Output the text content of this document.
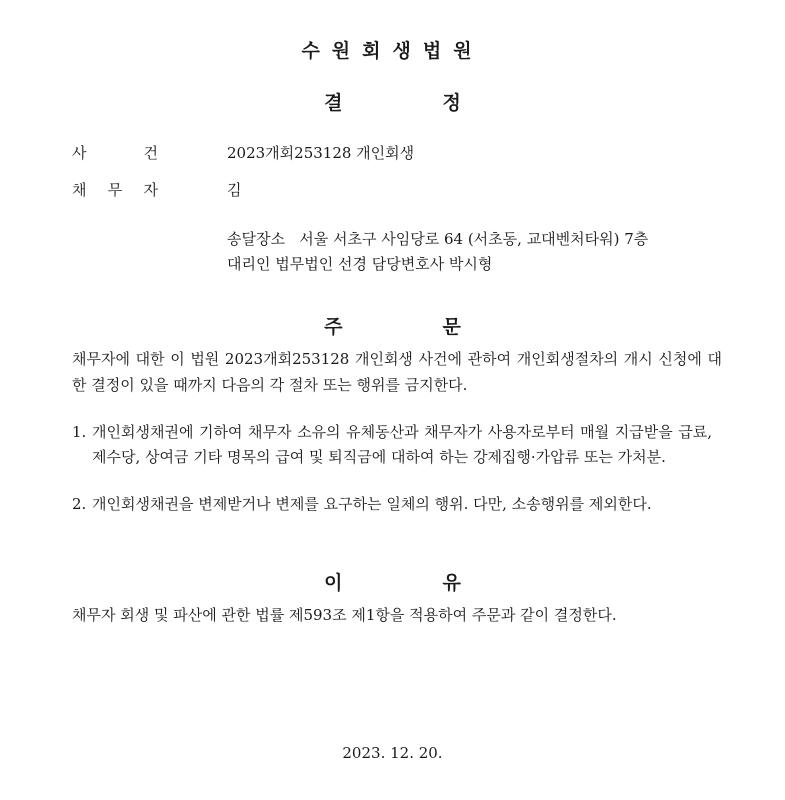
수원회생법원
결	정
사	건	2023개회253128 개인회생
채 무 자	김
송달장소   서울 서초구 사임당로 64 (서초동, 교대벤처타워) 7층
대리인 법무법인 선경 담당변호사 박시형
주	문
채무자에 대한 이 법원 2023개회253128 개인회생 사건에 관하여 개인회생절차의 개시 신청에 대한 결정이 있을 때까지 다음의 각 절차 또는 행위를 금지한다.
1. 개인회생채권에 기하여 채무자 소유의 유체동산과 채무자가 사용자로부터 매월 지급받을 급료, 제수당, 상여금 기타 명목의 급여 및 퇴직금에 대하여 하는 강제집행·가압류 또는 가처분.
2. 개인회생채권을 변제받거나 변제를 요구하는 일체의 행위. 다만, 소송행위를 제외한다.
이	유
채무자 회생 및 파산에 관한 법률 제593조 제1항을 적용하여 주문과 같이 결정한다.
2023. 12. 20.
